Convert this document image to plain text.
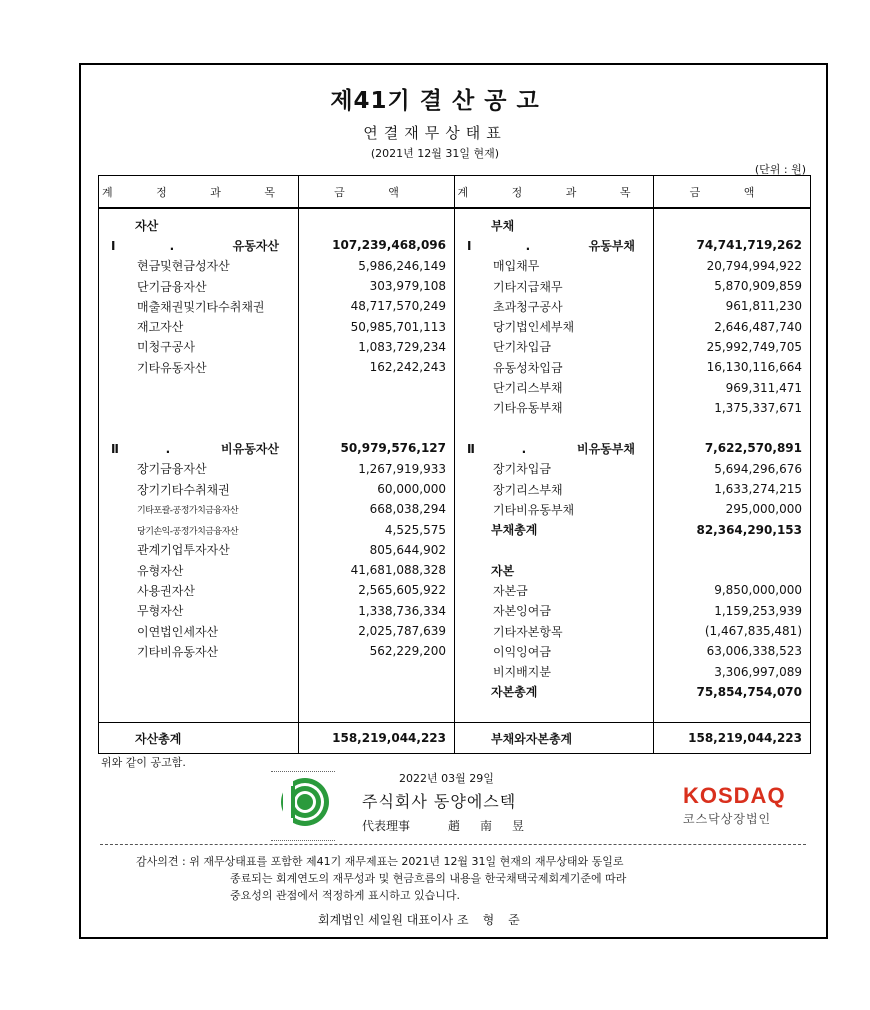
제41기 결 산 공 고
연결재무상태표
(2021년 12월 31일 현재)
(단위 : 원)
계 정 과 목	금 액	계 정 과 목	금 액
자산		부채	
Ⅰ. 유동자산	107,239,468,096	Ⅰ. 유동부채	74,741,719,262
현금및현금성자산	5,986,246,149	매입채무	20,794,994,922
단기금융자산	303,979,108	기타지급채무	5,870,909,859
매출채권및기타수취채권	48,717,570,249	초과청구공사	961,811,230
재고자산	50,985,701,113	당기법인세부채	2,646,487,740
미청구공사	1,083,729,234	단기차입금	25,992,749,705
기타유동자산	162,242,243	유동성차입금	16,130,116,664
		단기리스부채	969,311,471
		기타유동부채	1,375,337,671

Ⅱ. 비유동자산	50,979,576,127	Ⅱ. 비유동부채	7,622,570,891
장기금융자산	1,267,919,933	장기차입금	5,694,296,676
장기기타수취채권	60,000,000	장기리스부채	1,633,274,215
기타포괄-공정가치금융자산	668,038,294	기타비유동부채	295,000,000
당기손익-공정가치금융자산	4,525,575	부채총계	82,364,290,153
관계기업투자자산	805,644,902		
유형자산	41,681,088,328	자본	
사용권자산	2,565,605,922	자본금	9,850,000,000
무형자산	1,338,736,334	자본잉여금	1,159,253,939
이연법인세자산	2,025,787,639	기타자본항목	(1,467,835,481)
기타비유동자산	562,229,200	이익잉여금	63,006,338,523
		비지배지분	3,306,997,089
		자본총계	75,854,754,070

자산총계	158,219,044,223	부채와자본총계	158,219,044,223
위와 같이 공고함.
2022년 03월 29일
주식회사 동양에스텍
代表理事	趙南昱
KOSDAQ
코스닥상장법인
감사의견 : 위 재무상태표를 포함한 제41기 재무제표는 2021년 12월 31일 현재의 재무상태와 동일로
종료되는 회계연도의 재무성과 및 현금흐름의 내용을 한국채택국제회계기준에 따라
중요성의 관점에서 적정하게 표시하고 있습니다.
회계법인 세일원 대표이사 조형준
